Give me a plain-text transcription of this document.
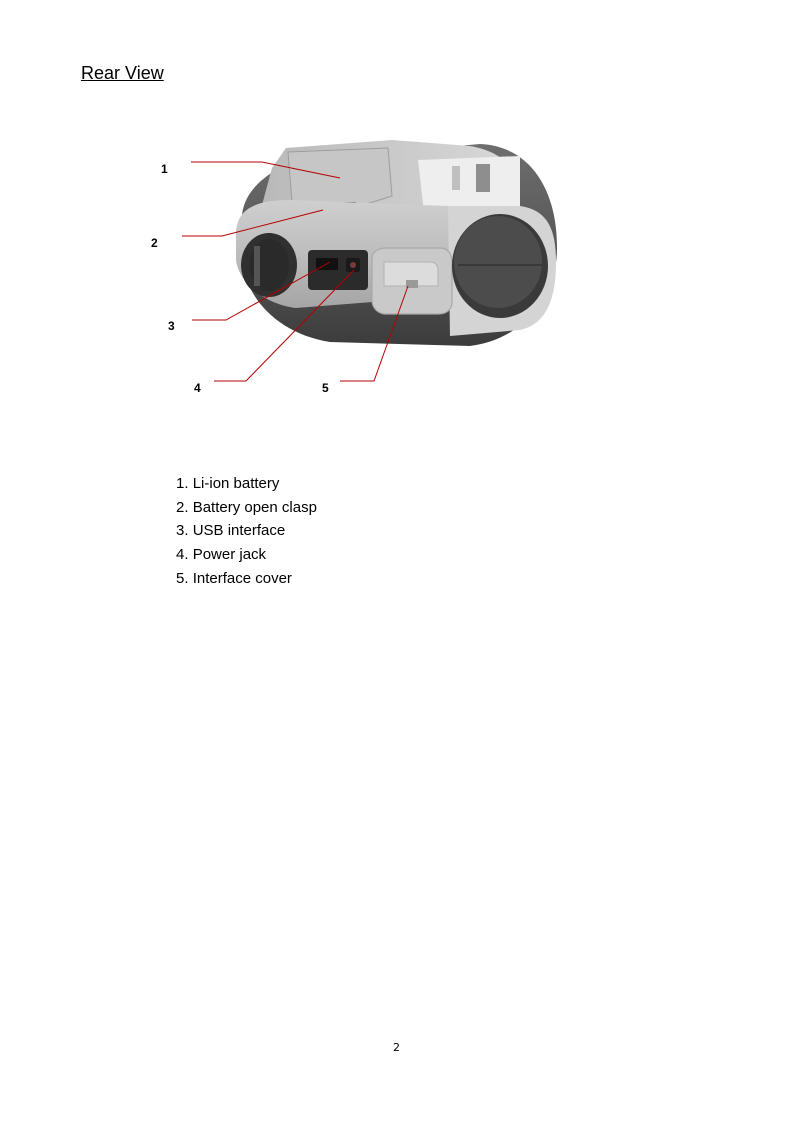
Rear View
1
2
3
4	5
1. Li-ion battery
2. Battery open clasp
3. USB interface
4. Power jack
5. Interface cover
2
